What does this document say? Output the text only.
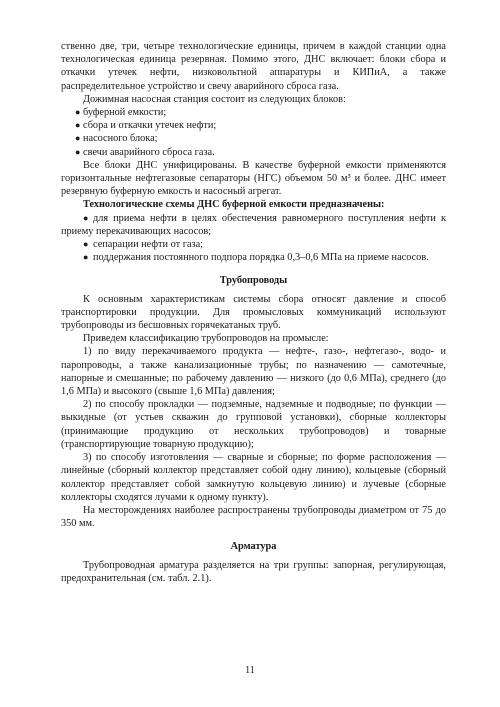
ственно две, три, четыре технологические единицы, причем в каждой станции одна технологическая единица резервная. Помимо этого, ДНС включает: блоки сбора и откачки утечек нефти, низковольтной аппаратуры и КИПиА, а также распределительное устройство и свечу аварийного сброса газа.

Дожимная насосная станция состоит из следующих блоков:

● буферной емкости;

● сбора и откачки утечек нефти;

● насосного блока;

● свечи аварийного сброса газа.

Все блоки ДНС унифицированы. В качестве буферной емкости применяются горизонтальные нефтегазовые сепараторы (НГС) объемом 50 м³ и более. ДНС имеет резервную буферную емкость и насосный агрегат.

Технологические схемы ДНС буферной емкости предназначены:

● для приема нефти в целях обеспечения равномерного поступления нефти к приему перекачивающих насосов;

● сепарации нефти от газа;

● поддержания постоянного подпора порядка 0,3–0,6 МПа на приеме насосов.

Трубопроводы

К основным характеристикам системы сбора относят давление и способ транспортировки продукции. Для промысловых коммуникаций используют трубопроводы из бесшовных горячекатаных труб.

Приведем классификацию трубопроводов на промысле:

1) по виду перекачиваемого продукта — нефте-, газо-, нефтегазо-, водо- и паропроводы, а также канализационные трубы; по назначению — самотечные, напорные и смешанные; по рабочему давлению — низкого (до 0,6 МПа), среднего (до 1,6 МПа) и высокого (свыше 1,6 МПа) давления;

2) по способу прокладки — подземные, надземные и подводные; по функции — выкидные (от устьев скважин до групповой установки), сборные коллекторы (принимающие продукцию от нескольких трубопроводов) и товарные (транспортирующие товарную продукцию);

3) по способу изготовления — сварные и сборные; по форме расположения — линейные (сборный коллектор представляет собой одну линию), кольцевые (сборный коллектор представляет собой замкнутую кольцевую линию) и лучевые (сборные коллекторы сходятся лучами к одному пункту).

На месторождениях наиболее распространены трубопроводы диаметром от 75 до 350 мм.

Арматура

Трубопроводная арматура разделяется на три группы: запорная, регулирующая, предохранительная (см. табл. 2.1).

11
